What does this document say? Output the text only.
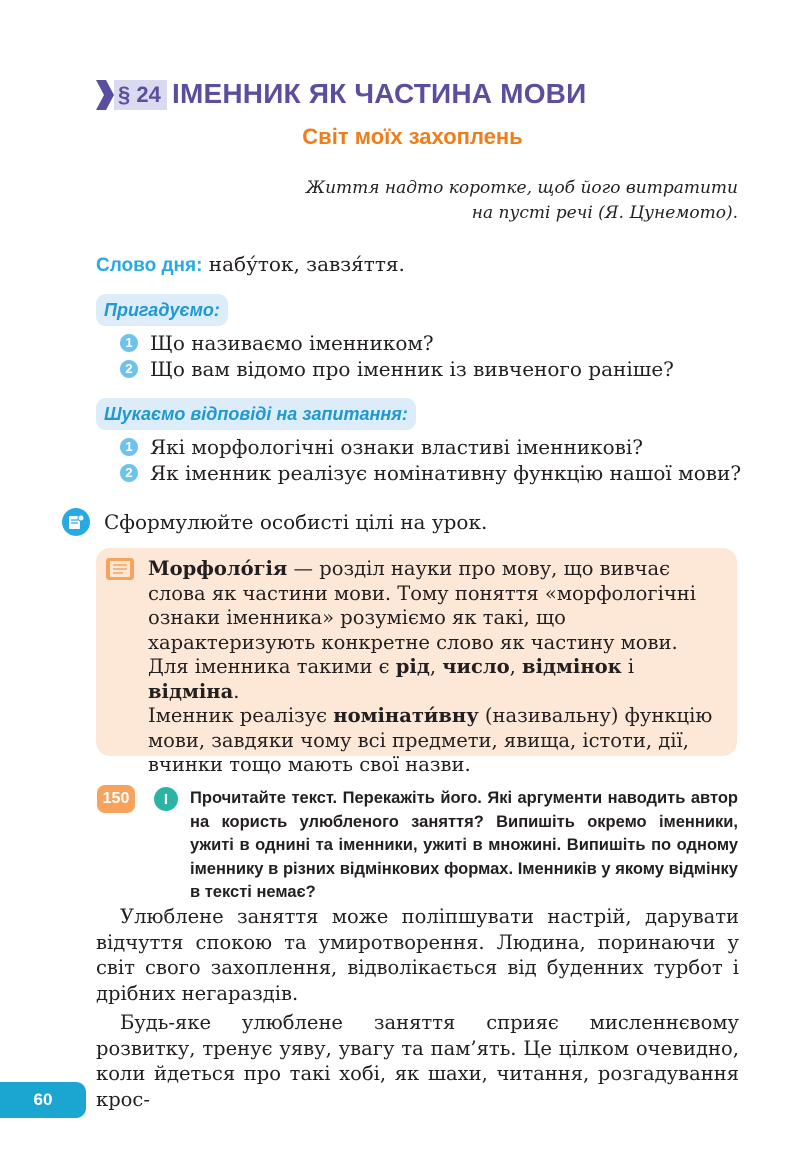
§ 24 ІМЕННИК ЯК ЧАСТИНА МОВИ
Світ моїх захоплень
Життя надто коротке, щоб його витратити
на пусті речі (Я. Цунемото).
Слово дня: набу́ток, завзя́ття.
Пригадуємо:
1 Що називаємо іменником?
2 Що вам відомо про іменник із вивченого раніше?
Шукаємо відповіді на запитання:
1 Які морфологічні ознаки властиві іменникові?
2 Як іменник реалізує номінативну функцію нашої мови?
Сформулюйте особисті цілі на урок.

Морфоло́гія — розділ науки про мову, що вивчає слова як частини мови. Тому поняття «морфологічні ознаки іменника» розуміємо як такі, що характеризують конкретне слово як частину мови. Для іменника такими є рід, число, відмінок і відміна.

Іменник реалізує номінати́вну (називальну) функцію мови, завдяки чому всі предмети, явища, істоти, дії, вчинки тощо мають свої назви.

150	І	Прочитайте текст. Перекажіть його. Які аргументи наводить автор на користь улюбленого заняття? Випишіть окремо іменники, ужиті в однині та іменники, ужиті в множині. Випишіть по одному іменнику в різних відмінкових формах. Іменників у якому відмінку в тексті немає?

Улюблене заняття може поліпшувати настрій, дарувати відчуття спокою та умиротворення. Людина, поринаючи у світ свого захоплення, відволікається від буденних турбот і дрібних негараздів.

Будь-яке улюблене заняття сприяє мисленнєвому розвитку, тренує уяву, увагу та пам’ять. Це цілком очевидно, коли йдеться про такі хобі, як шахи, читання, розгадування крос-

60
